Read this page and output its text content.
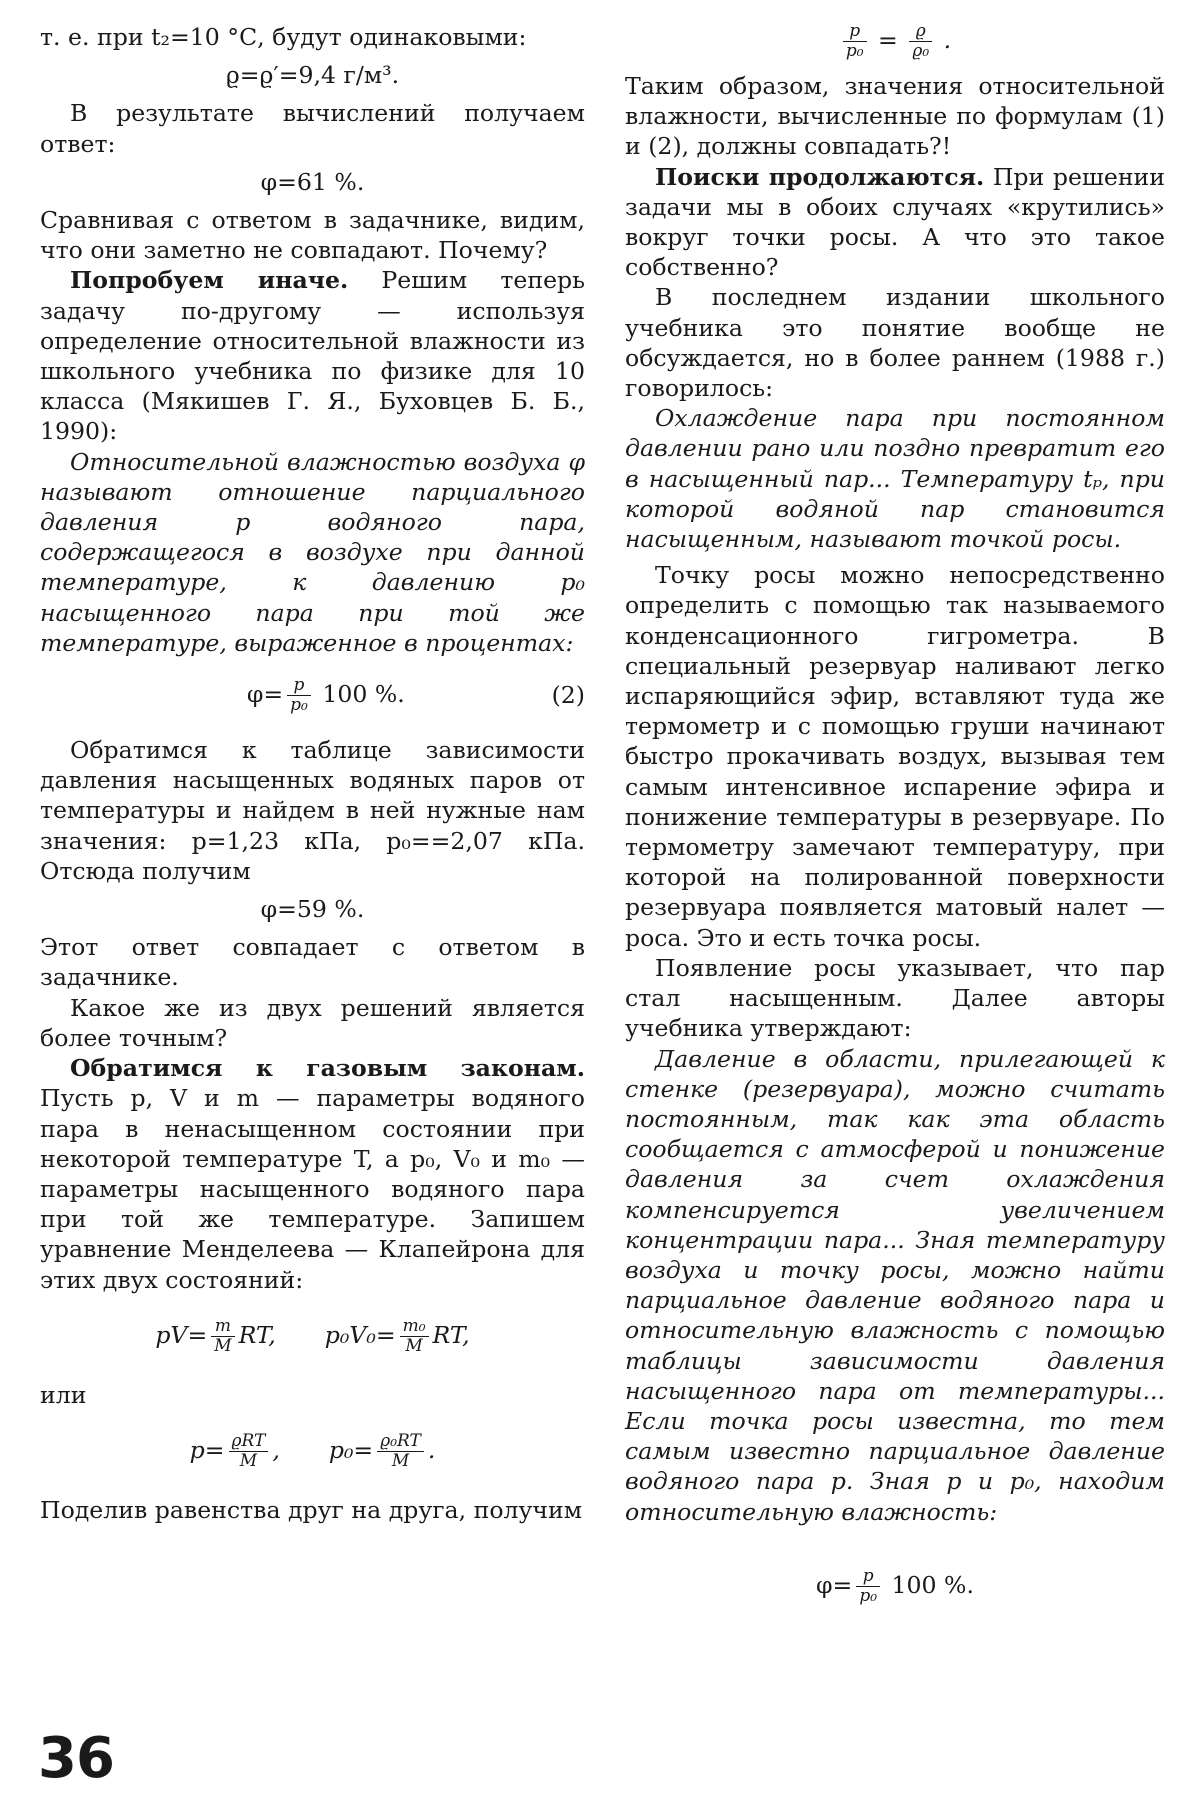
т. е. при t₂=10 °С, будут одинаковыми:

ϱ=ϱ′=9,4 г/м³.

В результате вычислений получаем ответ:

φ=61 %.

Сравнивая с ответом в задачнике, видим, что они заметно не совпадают. Почему?

Попробуем иначе. Решим теперь задачу по-другому — используя определение относительной влажности из школьного учебника по физике для 10 класса (Мякишев Г. Я., Буховцев Б. Б., 1990):

Относительной влажностью воздуха φ называют отношение парциального давления p водяного пара, содержащегося в воздухе при данной температуре, к давлению p₀ насыщенного пара при той же температуре, выраженное в процентах:

$\varphi= \frac{p}{\text{p₀}} 100$ %.	(2)

Обратимся к таблице зависимости давления насыщенных водяных паров от температуры и найдем в ней нужные нам значения: p=1,23 кПа, p₀==2,07 кПа. Отсюда получим

φ=59 %.

Этот ответ совпадает с ответом в задачнике.

Какое же из двух решений является более точным?

Обратимся к газовым законам. Пусть p, V и m — параметры водяного пара в ненасыщенном состоянии при некоторой температуре T, а p₀, V₀ и m₀ — параметры насыщенного водяного пара при той же температуре. Запишем уравнение Менделеева — Клапейрона для этих двух состояний:

$pV= \frac{m}{M}$ RT, $p_0V_0= \frac{\text{m₀}}{M}$ RT,

или

$p= \frac{\text{ϱRT}}{M}$ , $p_0= \frac{\text{ϱ₀RT}}{M}$ .

Поделив равенства друг на друга, получим

$\frac{p}{\text{p₀}} = \frac{ϱ}{\text{ϱ₀}}$ .

Таким образом, значения относительной влажности, вычисленные по формулам (1) и (2), должны совпадать?!

Поиски продолжаются. При решении задачи мы в обоих случаях «крутились» вокруг точки росы. А что это такое собственно?

В последнем издании школьного учебника это понятие вообще не обсуждается, но в более раннем (1988 г.) говорилось:

Охлаждение пара при постоянном давлении рано или поздно превратит его в насыщенный пар... Температуру tₚ, при которой водяной пар становится насыщенным, называют точкой росы.

Точку росы можно непосредственно определить с помощью так называемого конденсационного гигрометра. В специальный резервуар наливают легко испаряющийся эфир, вставляют туда же термометр и с помощью груши начинают быстро прокачивать воздух, вызывая тем самым интенсивное испарение эфира и понижение температуры в резервуаре. По термометру замечают температуру, при которой на полированной поверхности резервуара появляется матовый налет — роса. Это и есть точка росы.

Появление росы указывает, что пар стал насыщенным. Далее авторы учебника утверждают:

Давление в области, прилегающей к стенке (резервуара), можно считать постоянным, так как эта область сообщается с атмосферой и понижение давления за счет охлаждения компенсируется увеличением концентрации пара... Зная температуру воздуха и точку росы, можно найти парциальное давление водяного пара и относительную влажность с помощью таблицы зависимости давления насыщенного пара от температуры... Если точка росы известна, то тем самым известно парциальное давление водяного пара p. Зная p и p₀, находим относительную влажность:

$\varphi= \frac{p}{\text{p₀}} 100$ %.
36
